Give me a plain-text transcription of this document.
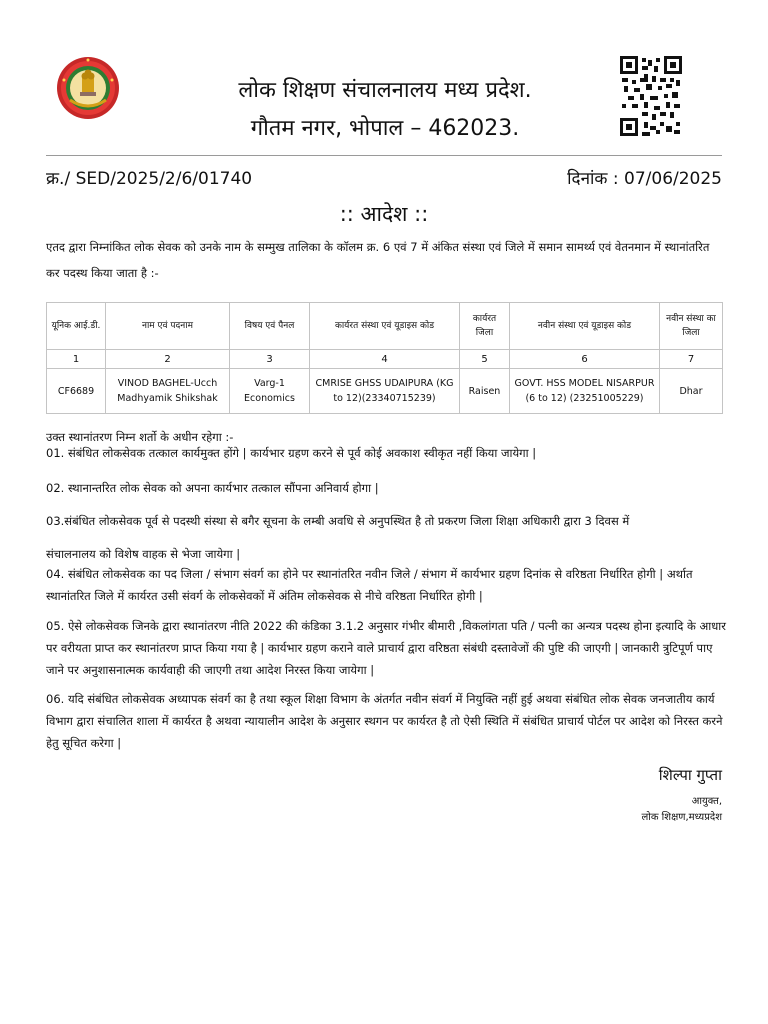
लोक शिक्षण संचालनालय मध्य प्रदेश.
गौतम नगर, भोपाल – 462023.
क्र./ SED/2025/2/6/01740	दिनांक : 07/06/2025
:: आदेश ::
एतद द्वारा निम्नांकित लोक सेवक को उनके नाम के सम्मुख तालिका के कॉलम क्र. 6 एवं 7 में अंकित संस्था एवं जिले में समान सामर्थ्य एवं वेतनमान में स्थानांतरित कर पदस्थ किया जाता है :-
यूनिक आई.डी.	नाम एवं पदनाम	विषय एवं पैनल	कार्यरत संस्था एवं यूडाइस कोड	कार्यरत जिला	नवीन संस्था एवं यूडाइस कोड	नवीन संस्था का जिला
1	2	3	4	5	6	7
CF6689	VINOD BAGHEL-Ucch Madhyamik Shikshak	Varg-1 Economics	CMRISE GHSS UDAIPURA (KG to 12)(23340715239)	Raisen	GOVT. HSS MODEL NISARPUR (6 to 12) (23251005229)	Dhar
उक्त स्थानांतरण निम्न शर्तो के अधीन रहेगा :-
01. संबंधित लोकसेवक तत्काल कार्यमुक्त होंगे | कार्यभार ग्रहण करने से पूर्व कोई अवकाश स्वीकृत नहीं किया जायेगा |
02. स्थानान्तरित लोक सेवक को अपना कार्यभार तत्काल सौंपना अनिवार्य होगा |
03.संबंधित लोकसेवक पूर्व से पदस्थी संस्था से बगैर सूचना के लम्बी अवधि से अनुपस्थित है तो प्रकरण जिला शिक्षा अधिकारी द्वारा 3 दिवस में
संचालनालय को विशेष वाहक से भेजा जायेगा |
04. संबंधित लोकसेवक का पद जिला / संभाग संवर्ग का होने पर स्थानांतरित नवीन जिले / संभाग में कार्यभार ग्रहण दिनांक से वरिष्ठता निर्धारित होगी | अर्थात स्थानांतरित जिले में कार्यरत उसी संवर्ग के लोकसेवकों में अंतिम लोकसेवक से नीचे वरिष्ठता निर्धारित होगी |
05. ऐसे लोकसेवक जिनके द्वारा स्थानांतरण नीति 2022 की कंडिका 3.1.2 अनुसार गंभीर बीमारी ,विकलांगता पति / पत्नी का अन्यत्र पदस्थ होना इत्यादि के आधार पर वरीयता प्राप्त कर स्थानांतरण प्राप्त किया गया है | कार्यभार ग्रहण कराने वाले प्राचार्य द्वारा वरिष्ठता संबंधी दस्तावेजों की पुष्टि की जाएगी | जानकारी त्रुटिपूर्ण पाए जाने पर अनुशासनात्मक कार्यवाही की जाएगी तथा आदेश निरस्त किया जायेगा |
06. यदि संबंधित लोकसेवक अध्यापक संवर्ग का है तथा स्कूल शिक्षा विभाग के अंतर्गत नवीन संवर्ग में नियुक्ति नहीं हुई अथवा संबंधित लोक सेवक जनजातीय कार्य विभाग द्वारा संचालित शाला में कार्यरत है अथवा न्यायालीन आदेश के अनुसार स्थगन पर कार्यरत है तो ऐसी स्थिति में संबंधित प्राचार्य पोर्टल पर आदेश को निरस्त करने हेतु सूचित करेगा |
शिल्पा गुप्ता
आयुक्त,
लोक शिक्षण,मध्यप्रदेश
